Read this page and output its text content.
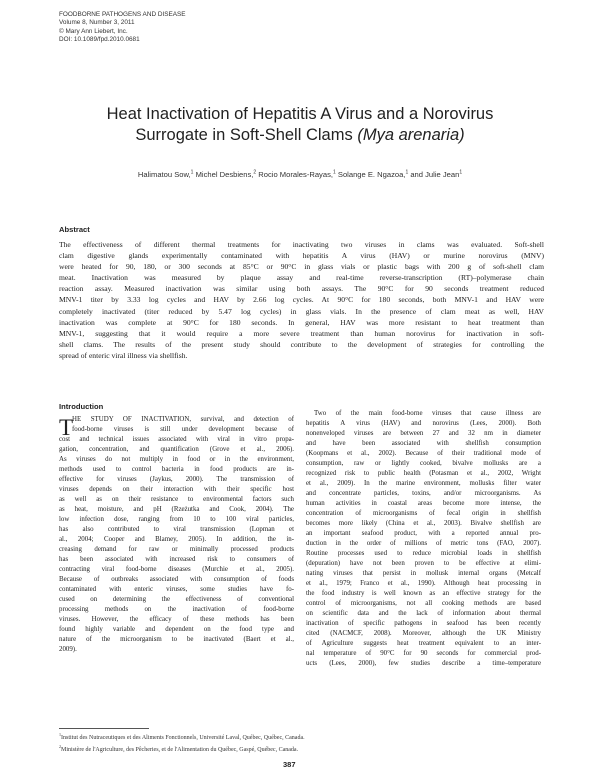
FOODBORNE PATHOGENS AND DISEASE
Volume 8, Number 3, 2011
© Mary Ann Liebert, Inc.
DOI: 10.1089/fpd.2010.0681
Heat Inactivation of Hepatitis A Virus and a Norovirus
Surrogate in Soft-Shell Clams (Mya arenaria)
Halimatou Sow,$^1$ Michel Desbiens,$^2$ Rocio Morales-Rayas,$^1$ Solange E. Ngazoa,$^1$ and Julie Jean$^1$
Abstract
The effectiveness of different thermal treatments for inactivating two viruses in clams was evaluated. Soft-shell
clam digestive glands experimentally contaminated with hepatitis A virus (HAV) or murine norovirus (MNV)
were heated for 90, 180, or 300 seconds at 85°C or 90°C in glass vials or plastic bags with 200 g of soft-shell clam
meat. Inactivation was measured by plaque assay and real-time reverse-transcription (RT)–polymerase chain
reaction assay. Measured inactivation was similar using both assays. The 90°C for 90 seconds treatment reduced
MNV-1 titer by 3.33 log cycles and HAV by 2.66 log cycles. At 90°C for 180 seconds, both MNV-1 and HAV were
completely inactivated (titer reduced by 5.47 log cycles) in glass vials. In the presence of clam meat as well, HAV
inactivation was complete at 90°C for 180 seconds. In general, HAV was more resistant to heat treatment than
MNV-1, suggesting that it would require a more severe treatment than human norovirus for inactivation in soft-
shell clams. The results of the present study should contribute to the development of strategies for controlling the
spread of enteric viral illness via shellfish.
Introduction
T
HE STUDY OF INACTIVATION, survival, and detection of
food-borne viruses is still under development because of
cost and technical issues associated with viral in vitro propa-
gation, concentration, and quantification (Grove et al., 2006).
As viruses do not multiply in food or in the environment,
methods used to control bacteria in food products are in-
effective for viruses (Jaykus, 2000). The transmission of
viruses depends on their interaction with their specific host
as well as on their resistance to environmental factors such
as heat, moisture, and pH (Rzeżutka and Cook, 2004). The
low infection dose, ranging from 10 to 100 viral particles,
has also contributed to viral transmission (Lopman et
al., 2004; Cooper and Blamey, 2005). In addition, the in-
creasing demand for raw or minimally processed products
has been associated with increased risk to consumers of
contracting viral food-borne diseases (Murchie et al., 2005).
Because of outbreaks associated with consumption of foods
contaminated with enteric viruses, some studies have fo-
cused on determining the effectiveness of conventional
processing methods on the inactivation of food-borne
viruses. However, the efficacy of these methods has been
found highly variable and dependent on the food type and
nature of the microorganism to be inactivated (Baert et al.,
2009).
Two of the main food-borne viruses that cause illness are
hepatitis A virus (HAV) and norovirus (Lees, 2000). Both
nonenveloped viruses are between 27 and 32 nm in diameter
and have been associated with shellfish consumption
(Koopmans et al., 2002). Because of their traditional mode of
consumption, raw or lightly cooked, bivalve mollusks are a
recognized risk to public health (Potasman et al., 2002, Wright
et al., 2009). In the marine environment, mollusks filter water
and concentrate particles, toxins, and/or microorganisms. As
human activities in coastal areas become more intense, the
concentration of microorganisms of fecal origin in shellfish
becomes more likely (China et al., 2003). Bivalve shellfish are
an important seafood product, with a reported annual pro-
duction in the order of millions of metric tons (FAO, 2007).
Routine processes used to reduce microbial loads in shellfish
(depuration) have not been proven to be effective at elimi-
nating viruses that persist in mollusk internal organs (Metcalf
et al., 1979; Franco et al., 1990). Although heat processing in
the food industry is well known as an effective strategy for the
control of microorganisms, not all cooking methods are based
on scientific data and the lack of information about thermal
inactivation of specific pathogens in seafood has been recently
cited (NACMCF, 2008). Moreover, although the UK Ministry
of Agriculture suggests heat treatment equivalent to an inter-
nal temperature of 90°C for 90 seconds for commercial prod-
ucts (Lees, 2000), few studies describe a time–temperature
$^1$Institut des Nutraceutiques et des Aliments Fonctionnels, Université Laval, Québec, Québec, Canada.
$^2$Ministère de l'Agriculture, des Pêcheries, et de l'Alimentation du Québec, Gaspé, Québec, Canada.
387
